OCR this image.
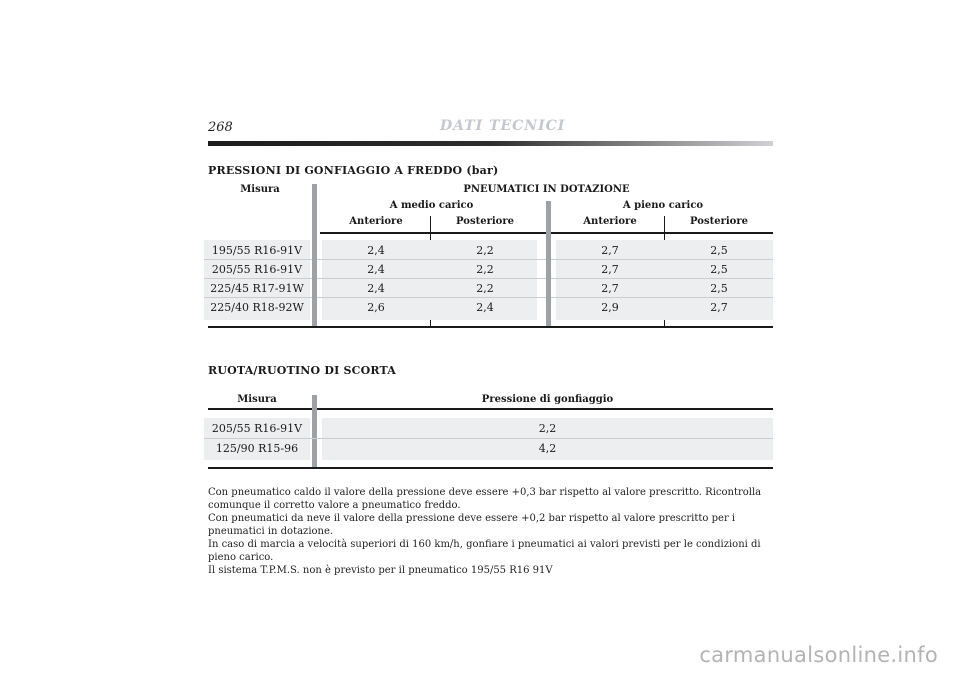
268	DATI TECNICI
PRESSIONI DI GONFIAGGIO A FREDDO (bar)
Misura	PNEUMATICI IN DOTAZIONE
A medio carico	A pieno carico
Anteriore	Posteriore	Anteriore	Posteriore
195/55 R16-91V	2,4	2,2	2,7	2,5
205/55 R16-91V	2,4	2,2	2,7	2,5
225/45 R17-91W	2,4	2,2	2,7	2,5
225/40 R18-92W	2,6	2,4	2,9	2,7
RUOTA/RUOTINO DI SCORTA
Misura	Pressione di gonfiaggio
205/55 R16-91V	2,2
125/90 R15-96	4,2
Con pneumatico caldo il valore della pressione deve essere +0,3 bar rispetto al valore prescritto. Ricontrolla comunque il corretto valore a pneumatico freddo.
Con pneumatici da neve il valore della pressione deve essere +0,2 bar rispetto al valore prescritto per i pneumatici in dotazione.
In caso di marcia a velocità superiori di 160 km/h, gonfiare i pneumatici ai valori previsti per le condizioni di pieno carico.
Il sistema T.P.M.S. non è previsto per il pneumatico 195/55 R16 91V
carmanualsonline.info
